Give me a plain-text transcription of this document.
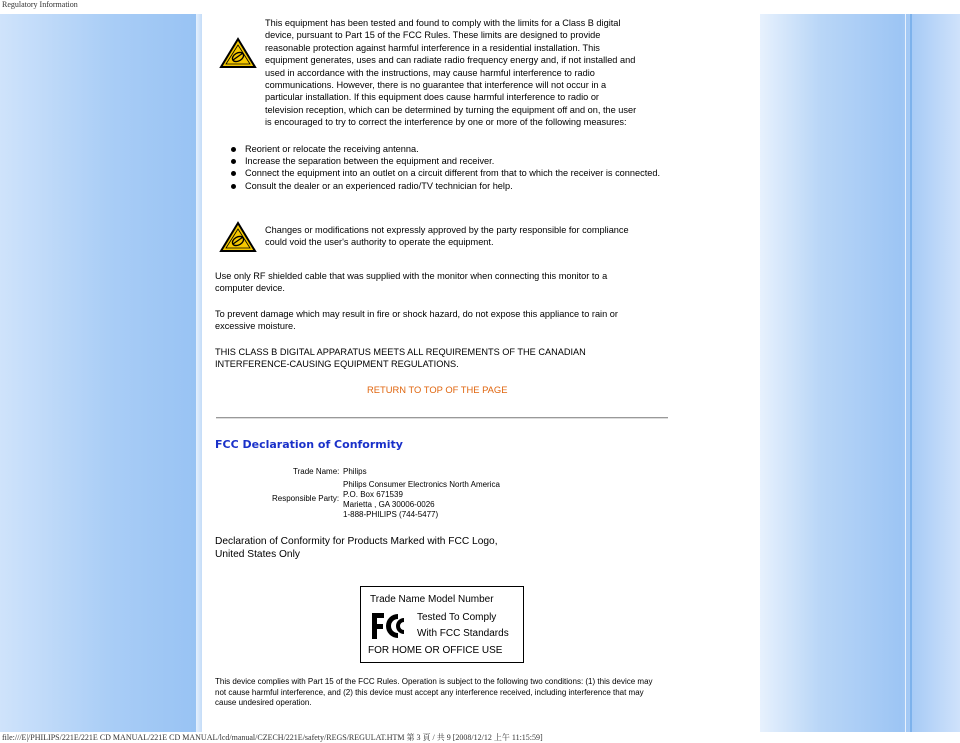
Regulatory Information
This equipment has been tested and found to comply with the limits for a Class B digital
device, pursuant to Part 15 of the FCC Rules. These limits are designed to provide
reasonable protection against harmful interference in a residential installation. This
equipment generates, uses and can radiate radio frequency energy and, if not installed and
used in accordance with the instructions, may cause harmful interference to radio
communications. However, there is no guarantee that interference will not occur in a
particular installation. If this equipment does cause harmful interference to radio or
television reception, which can be determined by turning the equipment off and on, the user
is encouraged to try to correct the interference by one or more of the following measures:
Reorient or relocate the receiving antenna.
Increase the separation between the equipment and receiver.
Connect the equipment into an outlet on a circuit different from that to which the receiver is connected.
Consult the dealer or an experienced radio/TV technician for help.
Changes or modifications not expressly approved by the party responsible for compliance
could void the user's authority to operate the equipment.
Use only RF shielded cable that was supplied with the monitor when connecting this monitor to a
computer device.
To prevent damage which may result in fire or shock hazard, do not expose this appliance to rain or
excessive moisture.
THIS CLASS B DIGITAL APPARATUS MEETS ALL REQUIREMENTS OF THE CANADIAN
INTERFERENCE-CAUSING EQUIPMENT REGULATIONS.
RETURN TO TOP OF THE PAGE
FCC Declaration of Conformity
Trade Name: Philips
Responsible Party:
Philips Consumer Electronics North America
P.O. Box 671539
Marietta , GA 30006-0026
1-888-PHILIPS (744-5477)
Declaration of Conformity for Products Marked with FCC Logo,
United States Only
Trade Name Model Number
Tested To Comply
With FCC Standards
FOR HOME OR OFFICE USE
This device complies with Part 15 of the FCC Rules. Operation is subject to the following two conditions: (1) this device may
not cause harmful interference, and (2) this device must accept any interference received, including interference that may
cause undesired operation.
file:///E|/PHILIPS/221E/221E CD MANUAL/221E CD MANUAL/lcd/manual/CZECH/221E/safety/REGS/REGULAT.HTM 第 3 頁 / 共 9 [2008/12/12 上午 11:15:59]
